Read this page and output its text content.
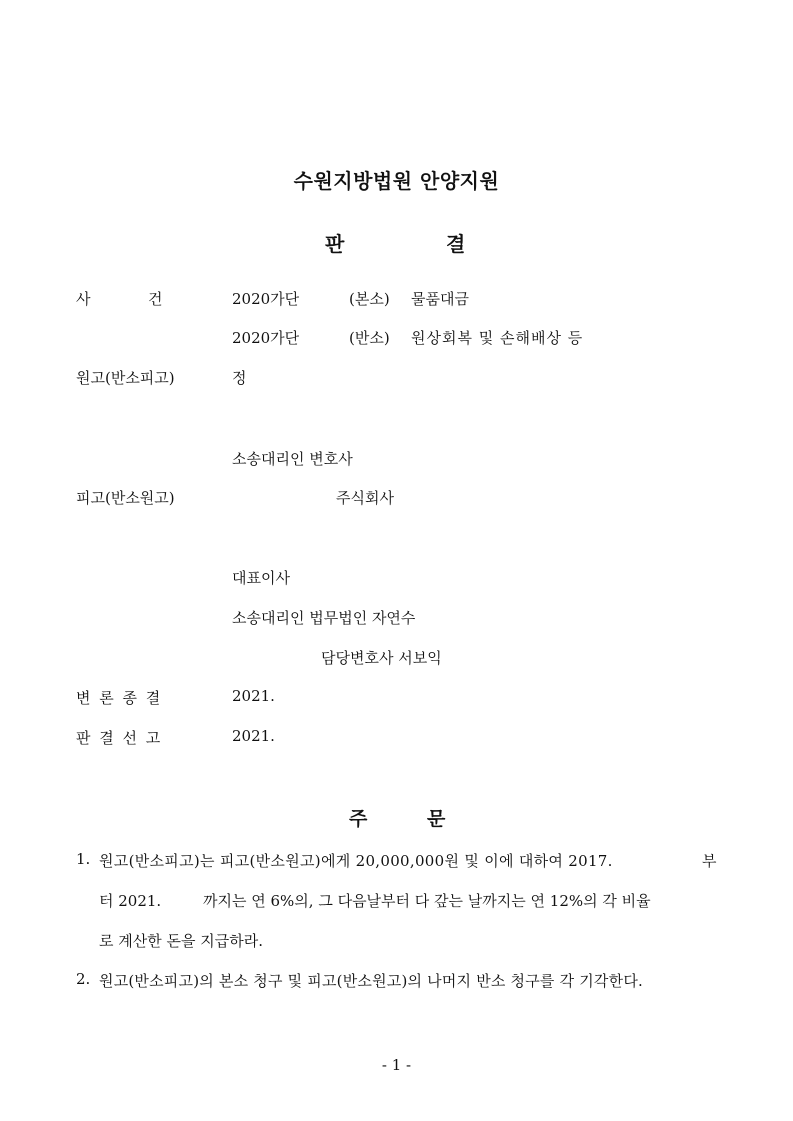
수원지방법원 안양지원
판	결
사	건	2020가단	(본소) 물품대금
2020가단	(반소) 원상회복 및 손해배상 등
원고(반소피고)	정
소송대리인 변호사
피고(반소원고)	주식회사
대표이사
소송대리인 법무법인 자연수
담당변호사 서보익
변 론 종 결	2021.
판 결 선 고	2021.
주	문
1. 원고(반소피고)는 피고(반소원고)에게 20,000,000원 및 이에 대하여 2017.	부
터 2021.	까지는 연 6%의, 그 다음날부터 다 갚는 날까지는 연 12%의 각 비율
로 계산한 돈을 지급하라.
2. 원고(반소피고)의 본소 청구 및 피고(반소원고)의 나머지 반소 청구를 각 기각한다.
- 1 -
